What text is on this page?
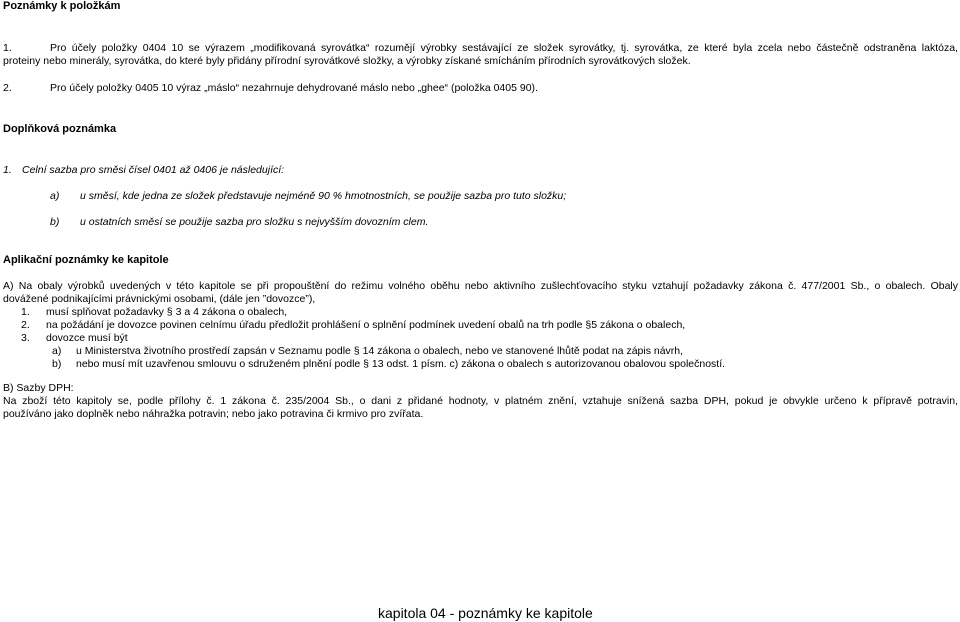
Poznámky k položkám
1.	Pro účely položky 0404 10 se výrazem „modifikovaná syrovátka“ rozumějí výrobky sestávající ze složek syrovátky, tj. syrovátka, ze které byla zcela nebo částečně odstraněna laktóza,
proteiny nebo minerály, syrovátka, do které byly přidány přírodní syrovátkové složky, a výrobky získané smícháním přírodních syrovátkových složek.
2.	Pro účely položky 0405 10 výraz „máslo“ nezahrnuje dehydrované máslo nebo „ghee“ (položka 0405 90).
Doplňková poznámka
1. Celní sazba pro směsi čísel 0401 až 0406 je následující:
a) u směsí, kde jedna ze složek představuje nejméně 90 % hmotnostních, se použije sazba pro tuto složku;
b) u ostatních směsí se použije sazba pro složku s nejvyšším dovozním clem.
Aplikační poznámky ke kapitole
A) Na obaly výrobků uvedených v této kapitole se při propouštění do režimu volného oběhu nebo aktivního zušlechťovacího styku vztahují požadavky zákona č. 477/2001 Sb., o obalech. Obaly
dovážené podnikajícími právnickými osobami, (dále jen ”dovozce”),
1. musí splňovat požadavky § 3 a 4 zákona o obalech,
2. na požádání je dovozce povinen celnímu úřadu předložit prohlášení o splnění podmínek uvedení obalů na trh podle §5 zákona o obalech,
3. dovozce musí být
a) u Ministerstva životního prostředí zapsán v Seznamu podle § 14 zákona o obalech, nebo ve stanovené lhůtě podat na zápis návrh,
b) nebo musí mít uzavřenou smlouvu o sdruženém plnění podle § 13 odst. 1 písm. c) zákona o obalech s autorizovanou obalovou společností.
B) Sazby DPH:
Na zboží této kapitoly se, podle přílohy č. 1 zákona č. 235/2004 Sb., o dani z přidané hodnoty, v platném znění, vztahuje snížená sazba DPH, pokud je obvykle určeno k přípravě potravin,
používáno jako doplněk nebo náhražka potravin; nebo jako potravina či krmivo pro zvířata.
kapitola 04 - poznámky ke kapitole
